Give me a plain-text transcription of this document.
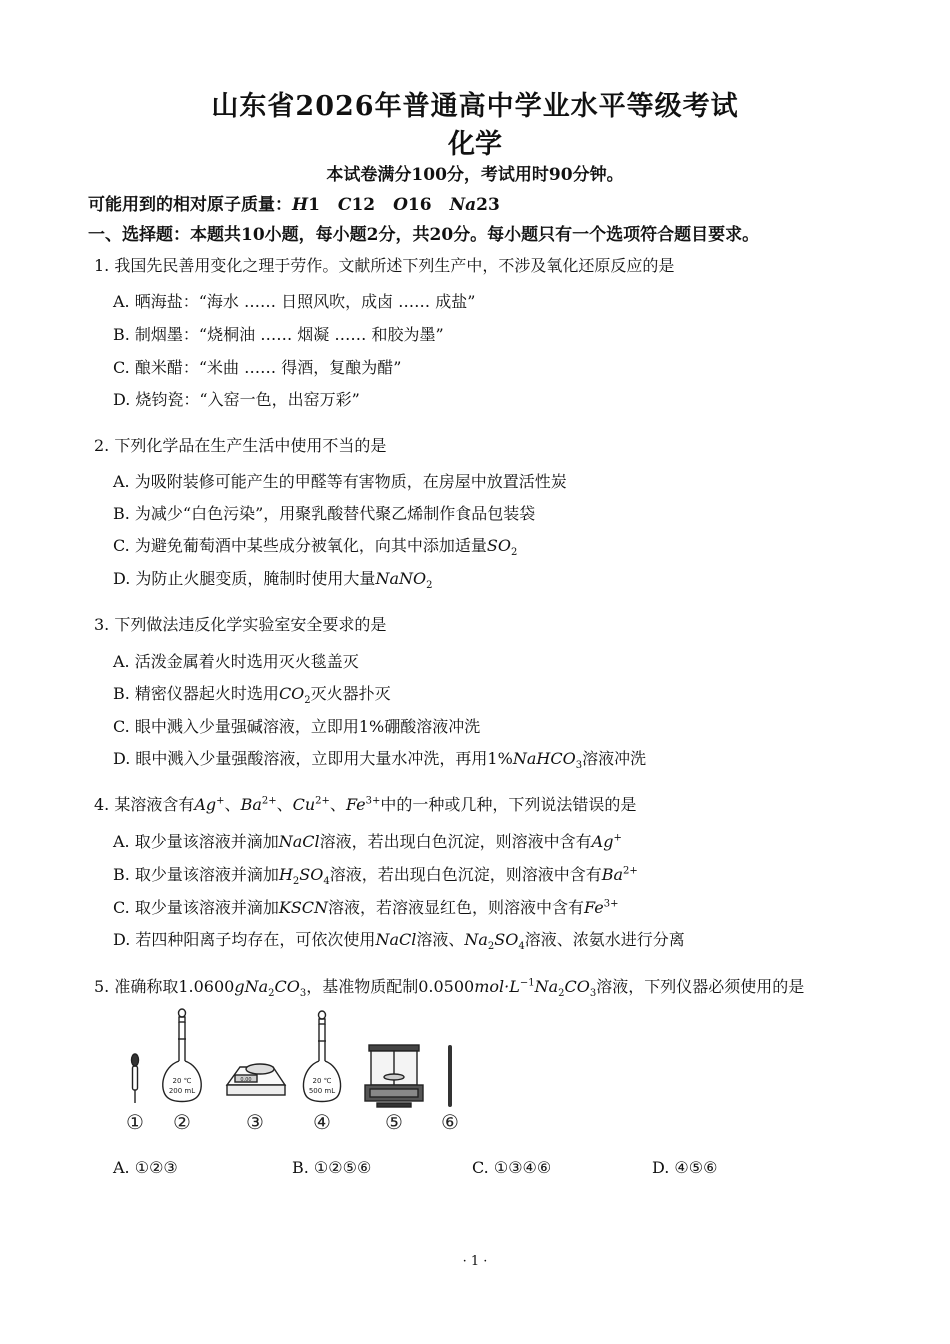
山东省2026年普通高中学业水平等级考试
化学
本试卷满分100分，考试用时90分钟。
可能用到的相对原子质量：H1 C12 O16 Na23
一、选择题：本题共10小题，每小题2分，共20分。每小题只有一个选项符合题目要求。
1. 我国先民善用变化之理于劳作。文献所述下列生产中，不涉及氧化还原反应的是
A. 晒海盐：“海水 …… 日照风吹，成卤 …… 成盐”
B. 制烟墨：“烧桐油 …… 烟凝 …… 和胶为墨”
C. 酿米醋：“米曲 …… 得酒，复酿为醋”
D. 烧钧瓷：“入窑一色，出窑万彩”
2. 下列化学品在生产生活中使用不当的是
A. 为吸附装修可能产生的甲醛等有害物质，在房屋中放置活性炭
B. 为减少“白色污染”，用聚乳酸替代聚乙烯制作食品包装袋
C. 为避免葡萄酒中某些成分被氧化，向其中添加适量$SO_2$
D. 为防止火腿变质，腌制时使用大量NaNO$_2$
3. 下列做法违反化学实验室安全要求的是
A. 活泼金属着火时选用灭火毯盖灭
B. 精密仪器起火时选用$CO_2$灭火器扑灭
C. 眼中溅入少量强碱溶液，立即用1%硼酸溶液冲洗
D. 眼中溅入少量强酸溶液，立即用大量水冲洗，再用1%NaHCO$_3$溶液冲洗
4. 某溶液含有Ag+、$Ba^{2+}$、$Cu^{2+}$、$Fe^{3+}$中的一种或几种，下列说法错误的是
A. 取少量该溶液并滴加NaCl溶液，若出现白色沉淀，则溶液中含有Ag+
B. 取少量该溶液并滴加$H_2SO_4$溶液，若出现白色沉淀，则溶液中含有$Ba^{2+}$
C. 取少量该溶液并滴加KSCN溶液，若溶液显红色，则溶液中含有$Fe^{3+}$
D. 若四种阳离子均存在，可依次使用NaCl溶液、$Na_2SO_4$溶液、浓氨水进行分离
5. 准确称取$1.0600gNa_2CO_3$，基准物质配制$0.0500mol\cdot L^{-1}Na_2CO_3$溶液，下列仪器必须使用的是
20 ℃
200 mL
0.00	20 ℃
500 mL
① ②	③ ④	⑤ ⑥
A. ①②③	B. ①②⑤⑥	C. ①③④⑥	D. ④⑤⑥
· 1 ·
